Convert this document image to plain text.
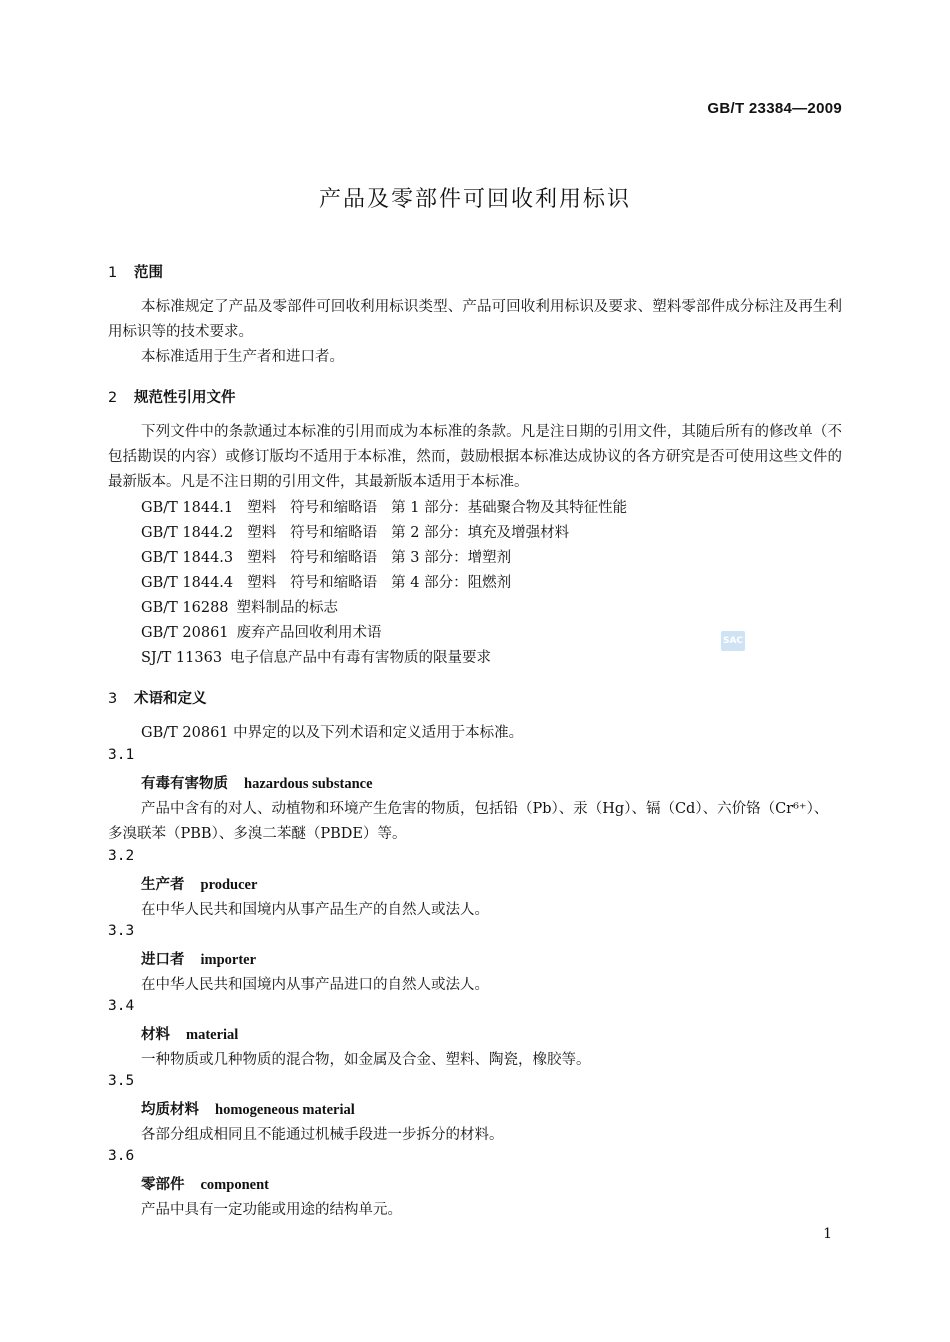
GB/T 23384—2009
产品及零部件可回收利用标识
1 范围
本标准规定了产品及零部件可回收利用标识类型、产品可回收利用标识及要求、塑料零部件成分标注及再生利用标识等的技术要求。
本标准适用于生产者和进口者。
2 规范性引用文件
下列文件中的条款通过本标准的引用而成为本标准的条款。凡是注日期的引用文件，其随后所有的修改单（不包括勘误的内容）或修订版均不适用于本标准，然而，鼓励根据本标准达成协议的各方研究是否可使用这些文件的最新版本。凡是不注日期的引用文件，其最新版本适用于本标准。
GB/T 1844.1 塑料 符号和缩略语 第 1 部分：基础聚合物及其特征性能
GB/T 1844.2 塑料 符号和缩略语 第 2 部分：填充及增强材料
GB/T 1844.3 塑料 符号和缩略语 第 3 部分：增塑剂
GB/T 1844.4 塑料 符号和缩略语 第 4 部分：阻燃剂
GB/T 16288 塑料制品的标志
GB/T 20861 废弃产品回收利用术语
SJ/T 11363 电子信息产品中有毒有害物质的限量要求
SAC
3 术语和定义
GB/T 20861 中界定的以及下列术语和定义适用于本标准。
3.1
有毒有害物质 hazardous substance
产品中含有的对人、动植物和环境产生危害的物质，包括铅（Pb）、汞（Hg）、镉（Cd）、六价铬（Cr⁶⁺）、
多溴联苯（PBB）、多溴二苯醚（PBDE）等。
3.2
生产者 producer
在中华人民共和国境内从事产品生产的自然人或法人。
3.3
进口者 importer
在中华人民共和国境内从事产品进口的自然人或法人。
3.4
材料 material
一种物质或几种物质的混合物，如金属及合金、塑料、陶瓷，橡胶等。
3.5
均质材料 homogeneous material
各部分组成相同且不能通过机械手段进一步拆分的材料。
3.6
零部件 component
产品中具有一定功能或用途的结构单元。
1
